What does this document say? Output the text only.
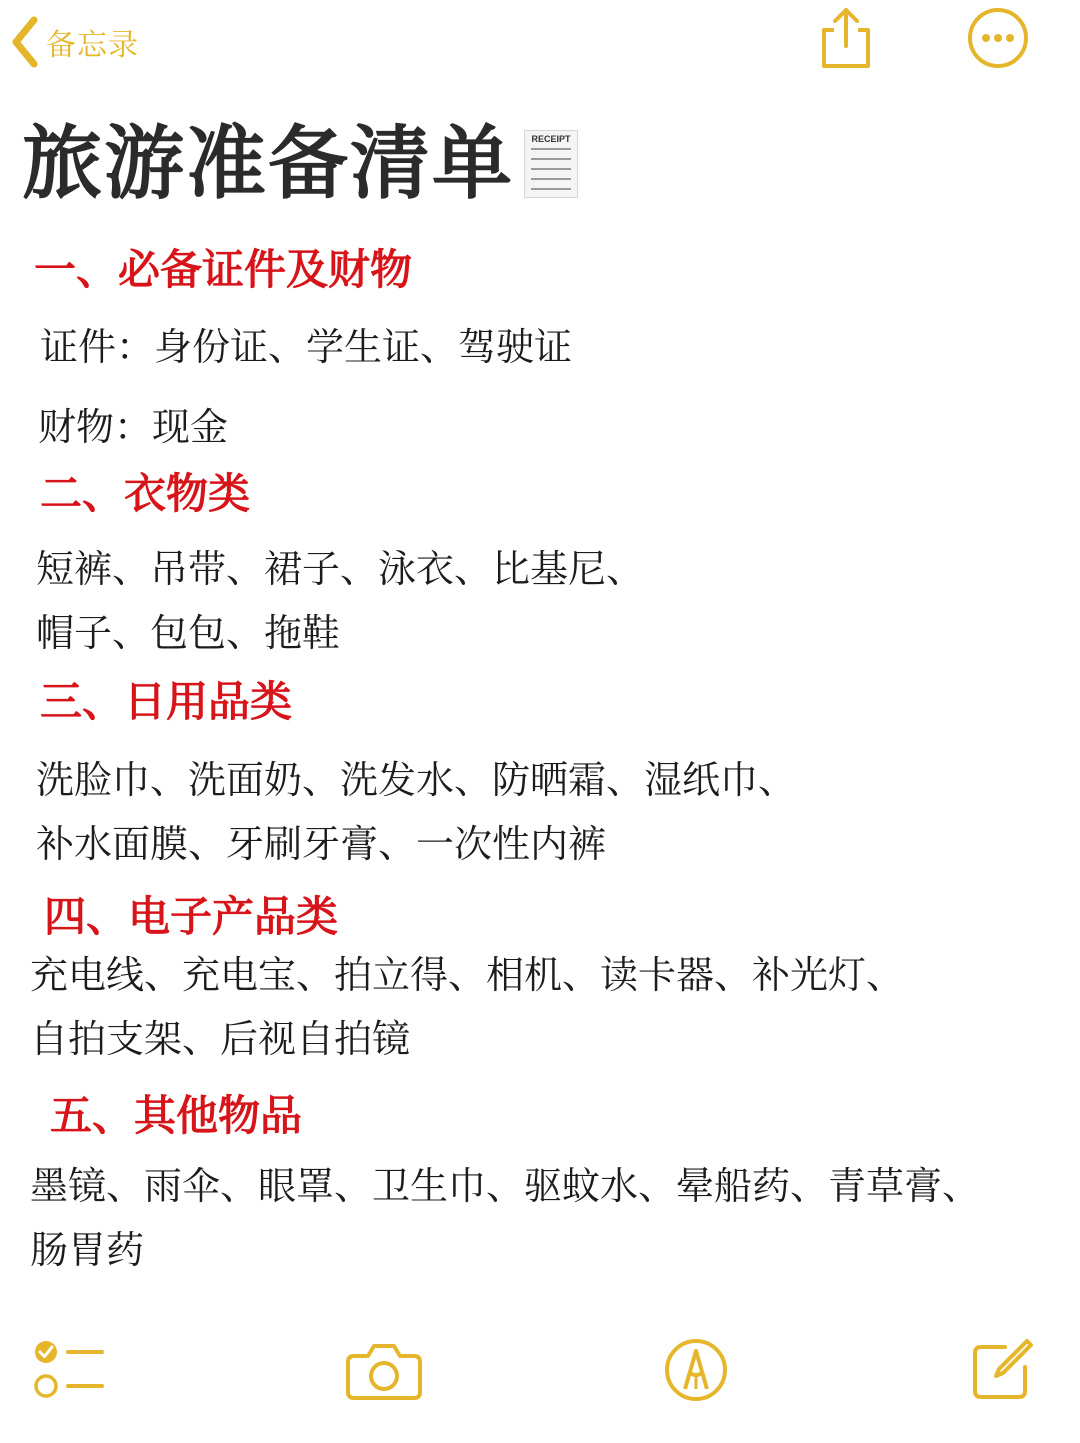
备忘录
旅游准备清单	RECEIPT
一、必备证件及财物
证件：身份证、学生证、驾驶证
财物：现金
二、衣物类
短裤、吊带、裙子、泳衣、比基尼、
帽子、包包、拖鞋
三、日用品类
洗脸巾、洗面奶、洗发水、防晒霜、湿纸巾、
补水面膜、牙刷牙膏、一次性内裤
四、电子产品类
充电线、充电宝、拍立得、相机、读卡器、补光灯、
自拍支架、后视自拍镜
五、其他物品
墨镜、雨伞、眼罩、卫生巾、驱蚊水、晕船药、青草膏、
肠胃药
